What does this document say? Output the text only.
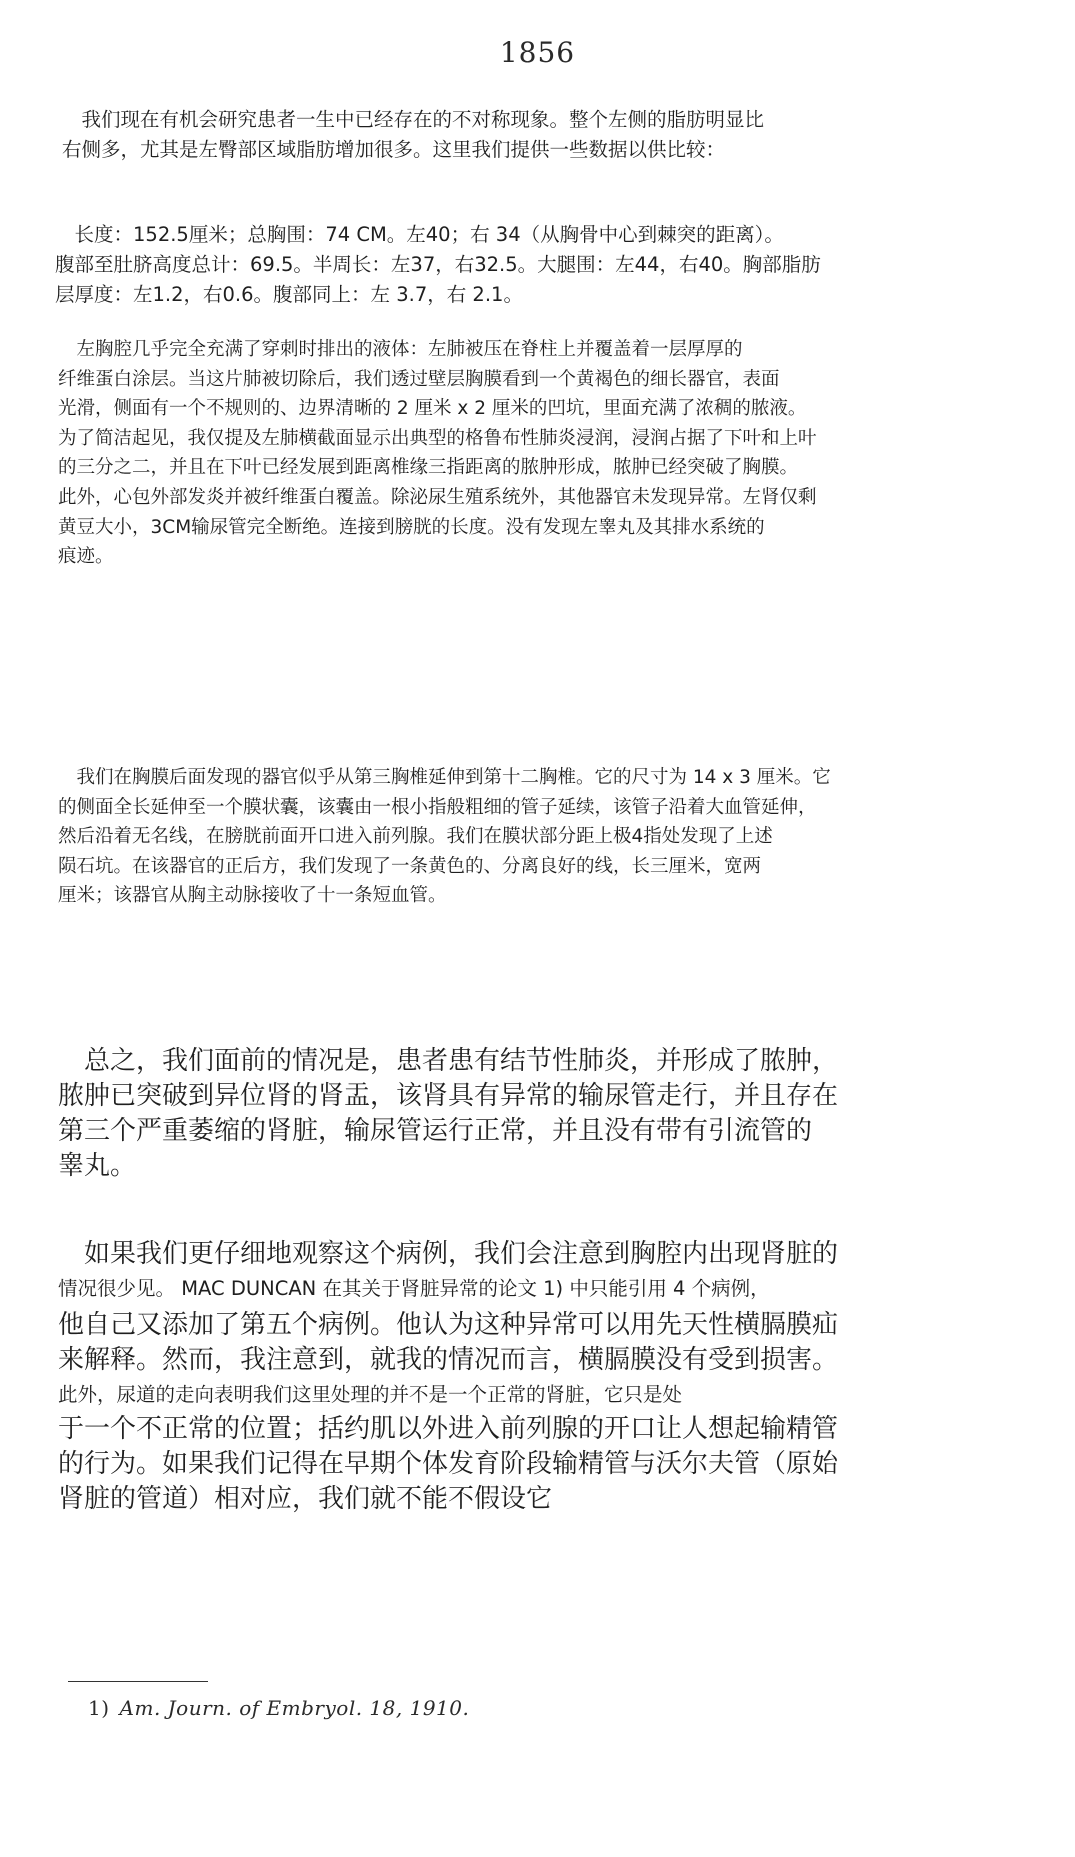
1856

　我们现在有机会研究患者一生中已经存在的不对称现象。整个左侧的脂肪明显比
右侧多，尤其是左臀部区域脂肪增加很多。这里我们提供一些数据以供比较：

　长度：152.5厘米；总胸围：74 CM。左40；右 34（从胸骨中心到棘突的距离）。
腹部至肚脐高度总计：69.5。半周长：左37，右32.5。大腿围：左44，右40。胸部脂肪
层厚度：左1.2，右0.6。腹部同上：左 3.7，右 2.1。

　左胸腔几乎完全充满了穿刺时排出的液体：左肺被压在脊柱上并覆盖着一层厚厚的
纤维蛋白涂层。当这片肺被切除后，我们透过壁层胸膜看到一个黄褐色的细长器官，表面
光滑，侧面有一个不规则的、边界清晰的 2 厘米 x 2 厘米的凹坑，里面充满了浓稠的脓液。
为了简洁起见，我仅提及左肺横截面显示出典型的格鲁布性肺炎浸润，浸润占据了下叶和上叶
的三分之二，并且在下叶已经发展到距离椎缘三指距离的脓肿形成，脓肿已经突破了胸膜。
此外，心包外部发炎并被纤维蛋白覆盖。除泌尿生殖系统外，其他器官未发现异常。左肾仅剩
黄豆大小，3CM输尿管完全断绝。连接到膀胱的长度。没有发现左睾丸及其排水系统的
痕迹。

　我们在胸膜后面发现的器官似乎从第三胸椎延伸到第十二胸椎。它的尺寸为 14 x 3 厘米。它
的侧面全长延伸至一个膜状囊，该囊由一根小指般粗细的管子延续，该管子沿着大血管延伸，
然后沿着无名线，在膀胱前面开口进入前列腺。我们在膜状部分距上极4指处发现了上述
陨石坑。在该器官的正后方，我们发现了一条黄色的、分离良好的线，长三厘米，宽两
厘米；该器官从胸主动脉接收了十一条短血管。

　总之，我们面前的情况是，患者患有结节性肺炎，并形成了脓肿，
脓肿已突破到异位肾的肾盂，该肾具有异常的输尿管走行，并且存在
第三个严重萎缩的肾脏，输尿管运行正常，并且没有带有引流管的
睾丸。

　如果我们更仔细地观察这个病例，我们会注意到胸腔内出现肾脏的

情况很少见。 MAC DUNCAN 在其关于肾脏异常的论文 1) 中只能引用 4 个病例，

他自己又添加了第五个病例。他认为这种异常可以用先天性横膈膜疝
来解释。然而，我注意到，就我的情况而言，横膈膜没有受到损害。

此外，尿道的走向表明我们这里处理的并不是一个正常的肾脏，它只是处

于一个不正常的位置；括约肌以外进入前列腺的开口让人想起输精管
的行为。如果我们记得在早期个体发育阶段输精管与沃尔夫管（原始
肾脏的管道）相对应，我们就不能不假设它

1) Am. Journ. of Embryol. 18, 1910.
